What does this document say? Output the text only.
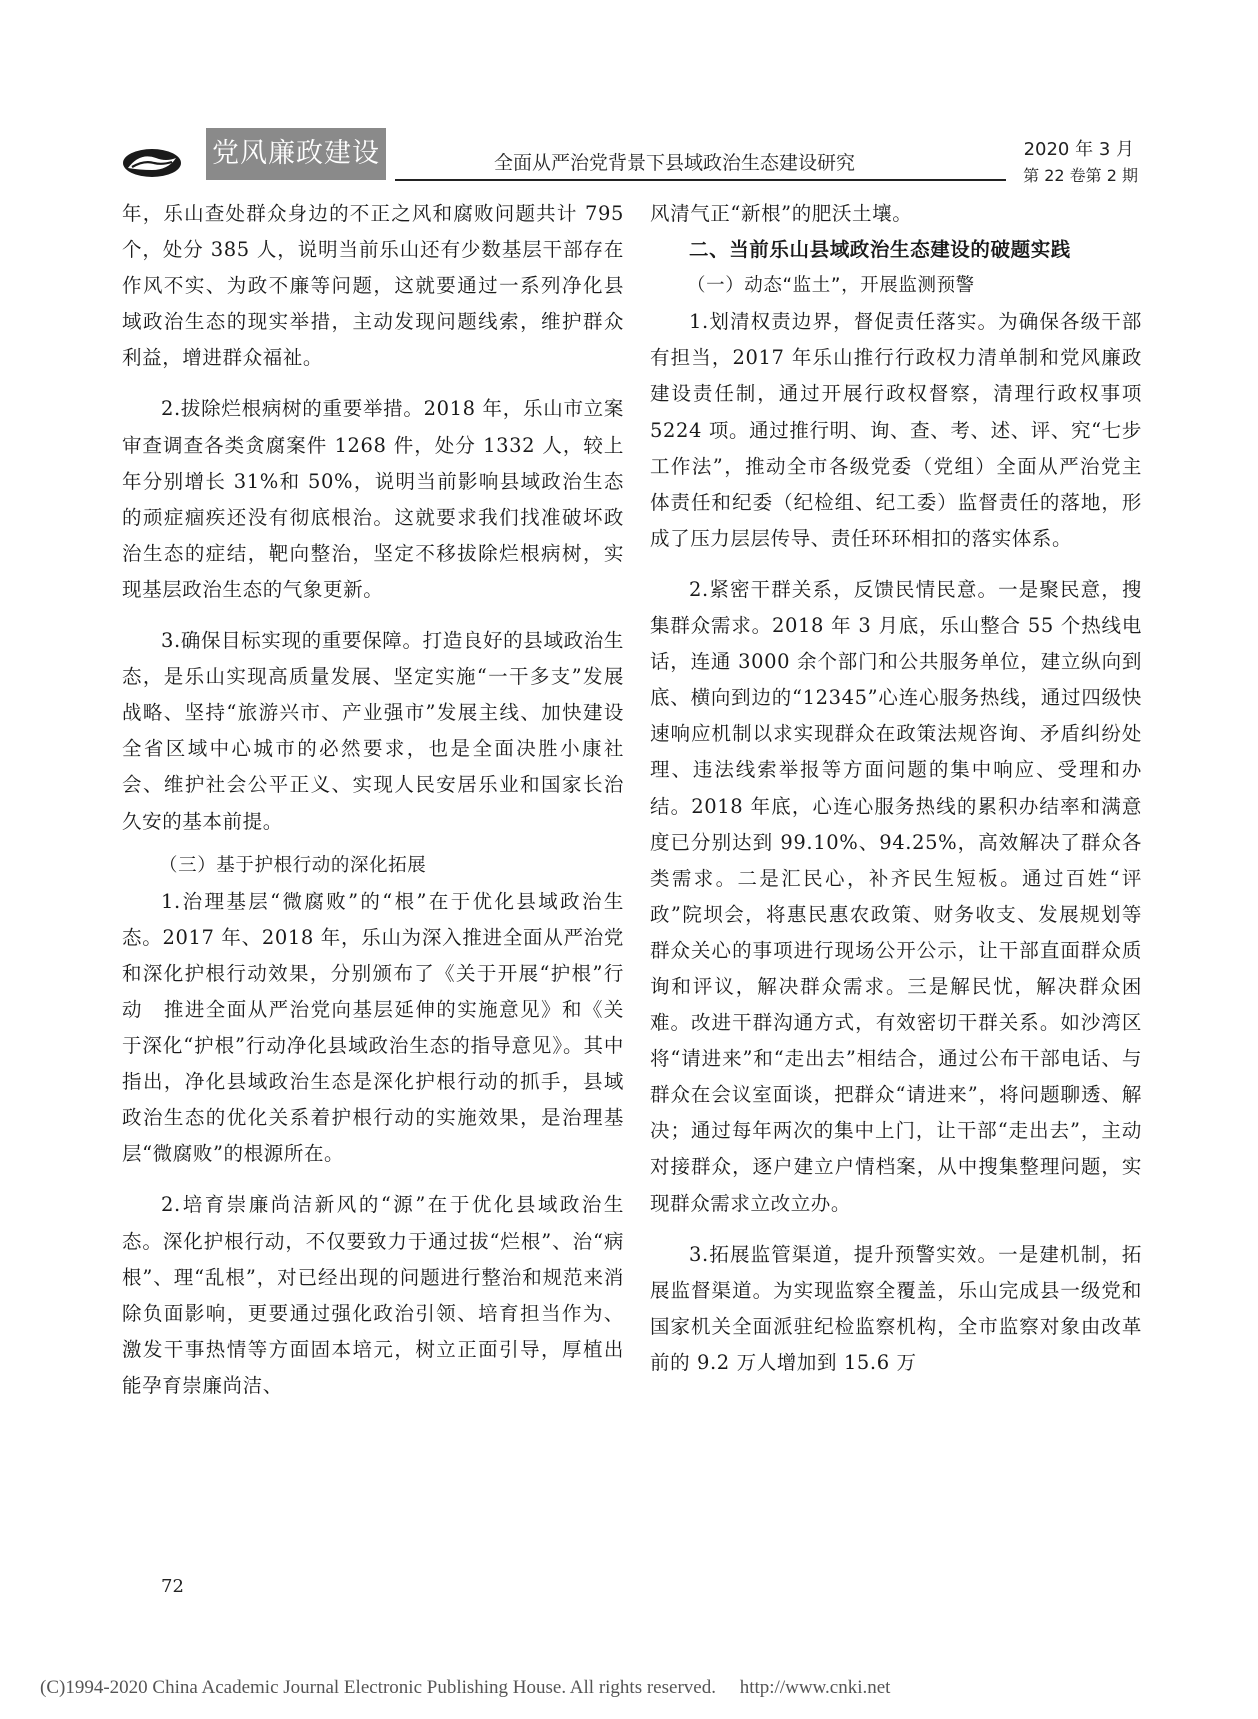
党风廉政建设	全面从严治党背景下县域政治生态建设研究
2020 年 3 月
第 22 卷第 2 期

年，乐山查处群众身边的不正之风和腐败问题共计 795 个，处分 385 人，说明当前乐山还有少数基层干部存在作风不实、为政不廉等问题，这就要通过一系列净化县域政治生态的现实举措，主动发现问题线索，维护群众利益，增进群众福祉。

2.拔除烂根病树的重要举措。2018 年，乐山市立案审查调查各类贪腐案件 1268 件，处分 1332 人，较上年分别增长 31%和 50%，说明当前影响县域政治生态的顽症痼疾还没有彻底根治。这就要求我们找准破坏政治生态的症结，靶向整治，坚定不移拔除烂根病树，实现基层政治生态的气象更新。

3.确保目标实现的重要保障。打造良好的县域政治生态，是乐山实现高质量发展、坚定实施“一干多支”发展战略、坚持“旅游兴市、产业强市”发展主线、加快建设全省区域中心城市的必然要求，也是全面决胜小康社会、维护社会公平正义、实现人民安居乐业和国家长治久安的基本前提。

（三）基于护根行动的深化拓展

1.治理基层“微腐败”的“根”在于优化县域政治生态。2017 年、2018 年，乐山为深入推进全面从严治党和深化护根行动效果，分别颁布了《关于开展“护根”行动　推进全面从严治党向基层延伸的实施意见》和《关于深化“护根”行动净化县域政治生态的指导意见》。其中指出，净化县域政治生态是深化护根行动的抓手，县域政治生态的优化关系着护根行动的实施效果，是治理基层“微腐败”的根源所在。

2.培育崇廉尚洁新风的“源”在于优化县域政治生态。深化护根行动，不仅要致力于通过拔“烂根”、治“病根”、理“乱根”，对已经出现的问题进行整治和规范来消除负面影响，更要通过强化政治引领、培育担当作为、激发干事热情等方面固本培元，树立正面引导，厚植出能孕育崇廉尚洁、

风清气正“新根”的肥沃土壤。

二、当前乐山县域政治生态建设的破题实践

（一）动态“监土”，开展监测预警

1.划清权责边界，督促责任落实。为确保各级干部有担当，2017 年乐山推行行政权力清单制和党风廉政建设责任制，通过开展行政权督察，清理行政权事项 5224 项。通过推行明、询、查、考、述、评、究“七步工作法”，推动全市各级党委（党组）全面从严治党主体责任和纪委（纪检组、纪工委）监督责任的落地，形成了压力层层传导、责任环环相扣的落实体系。

2.紧密干群关系，反馈民情民意。一是聚民意，搜集群众需求。2018 年 3 月底，乐山整合 55 个热线电话，连通 3000 余个部门和公共服务单位，建立纵向到底、横向到边的“12345”心连心服务热线，通过四级快速响应机制以求实现群众在政策法规咨询、矛盾纠纷处理、违法线索举报等方面问题的集中响应、受理和办结。2018 年底，心连心服务热线的累积办结率和满意度已分别达到 99.10%、94.25%，高效解决了群众各类需求。二是汇民心，补齐民生短板。通过百姓“评政”院坝会，将惠民惠农政策、财务收支、发展规划等群众关心的事项进行现场公开公示，让干部直面群众质询和评议，解决群众需求。三是解民忧，解决群众困难。改进干群沟通方式，有效密切干群关系。如沙湾区将“请进来”和“走出去”相结合，通过公布干部电话、与群众在会议室面谈，把群众“请进来”，将问题聊透、解决；通过每年两次的集中上门，让干部“走出去”，主动对接群众，逐户建立户情档案，从中搜集整理问题，实现群众需求立改立办。

3.拓展监管渠道，提升预警实效。一是建机制，拓展监督渠道。为实现监察全覆盖，乐山完成县一级党和国家机关全面派驻纪检监察机构，全市监察对象由改革前的 9.2 万人增加到 15.6 万

72
(C)1994-2020 China Academic Journal Electronic Publishing House. All rights reserved.　 http://www.cnki.net
